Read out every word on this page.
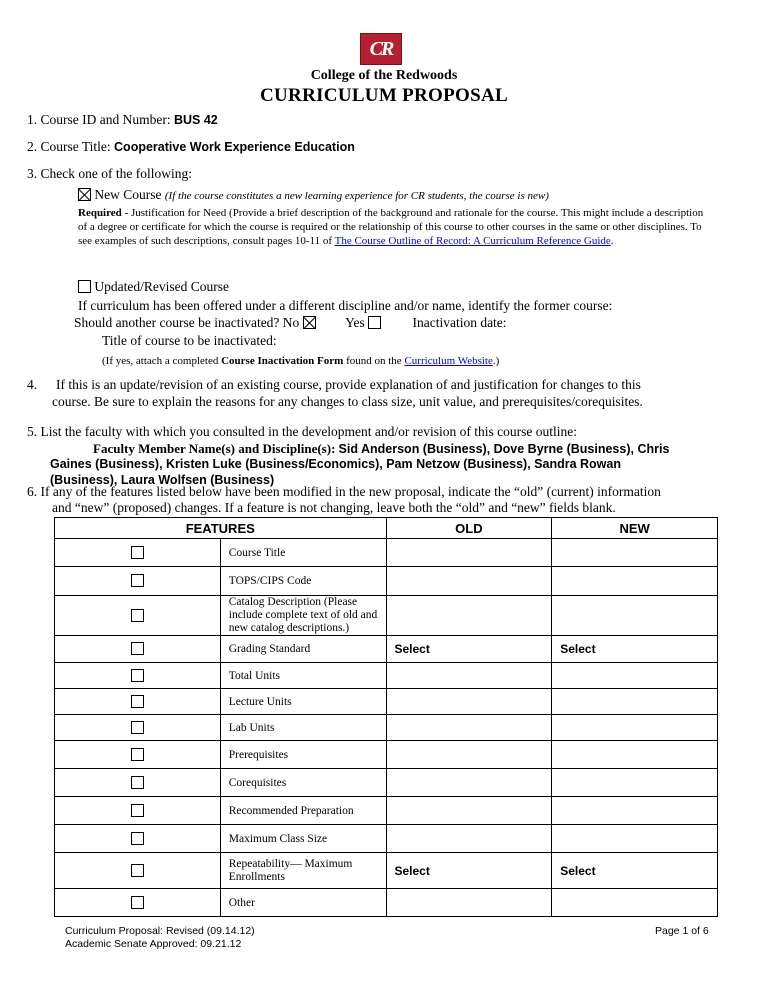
CR
College of the Redwoods
CURRICULUM PROPOSAL
1. Course ID and Number: BUS 42
2. Course Title: Cooperative Work Experience Education
3. Check one of the following:
New Course (If the course constitutes a new learning experience for CR students, the course is new)
Required - Justification for Need (Provide a brief description of the background and rationale for the course. This might include a description of a degree or certificate for which the course is required or the relationship of this course to other courses in the same or other disciplines. To see examples of such descriptions, consult pages 10-11 of The Course Outline of Record: A Curriculum Reference Guide.
Updated/Revised Course
If curriculum has been offered under a different discipline and/or name, identify the former course:
Should another course be inactivated? No	Yes	Inactivation date:
Title of course to be inactivated:
(If yes, attach a completed Course Inactivation Form found on the Curriculum Website.)
4. If this is an update/revision of an existing course, provide explanation of and justification for changes to this
course. Be sure to explain the reasons for any changes to class size, unit value, and prerequisites/corequisites.
5. List the faculty with which you consulted in the development and/or revision of this course outline:
Faculty Member Name(s) and Discipline(s): Sid Anderson (Business), Dove Byrne (Business), Chris
Gaines (Business), Kristen Luke (Business/Economics), Pam Netzow (Business), Sandra Rowan
(Business), Laura Wolfsen (Business)
6. If any of the features listed below have been modified in the new proposal, indicate the “old” (current) information
and “new” (proposed) changes. If a feature is not changing, leave both the “old” and “new” fields blank.
FEATURES		OLD	NEW
	Course Title		
	TOPS/CIPS Code		
	Catalog Description (Please include complete text of old and new catalog descriptions.)		
	Grading Standard	Select	Select
	Total Units		
	Lecture Units		
	Lab Units		
	Prerequisites		
	Corequisites		
	Recommended Preparation		
	Maximum Class Size		
	Repeatability— Maximum Enrollments	Select	Select
	Other		
Curriculum Proposal: Revised (09.14.12)
Academic Senate Approved: 09.21.12
Page 1 of 6
